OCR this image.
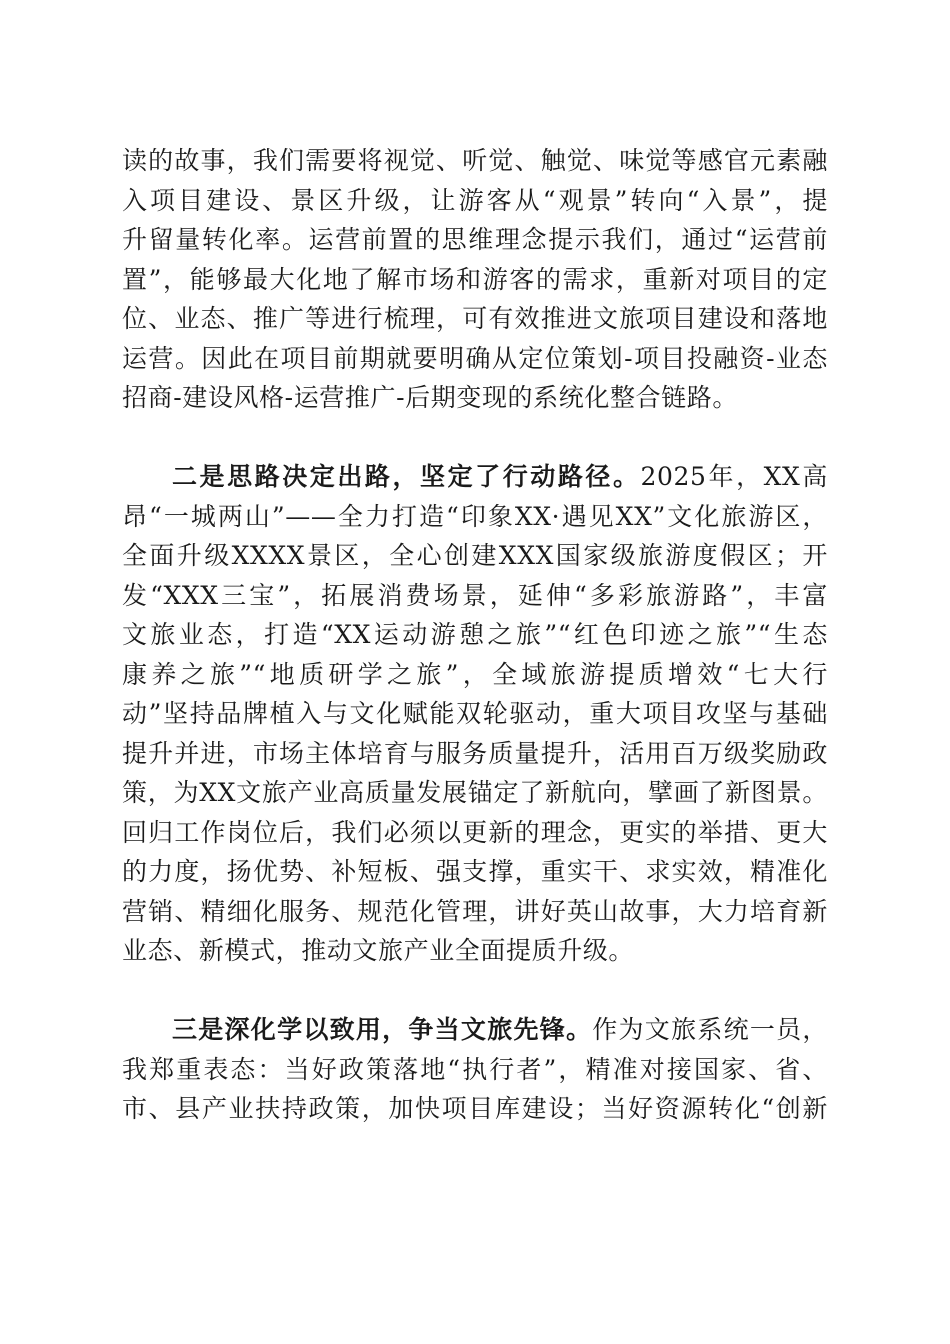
读的故事，我们需要将视觉、听觉、触觉、味觉等感官元素融
入项目建设、景区升级，让游客从“观景”转向“入景”，提
升留量转化率。运营前置的思维理念提示我们，通过“运营前
置”，能够最大化地了解市场和游客的需求，重新对项目的定
位、业态、推广等进行梳理，可有效推进文旅项目建设和落地
运营。因此在项目前期就要明确从定位策划-项目投融资-业态
招商-建设风格-运营推广-后期变现的系统化整合链路。
二是思路决定出路，坚定了行动路径。2025年，XX高
昂“一城两山”——全力打造“印象XX·遇见XX”文化旅游区，
全面升级XXXX景区，全心创建XXX国家级旅游度假区；开
发“XXX三宝”，拓展消费场景，延伸“多彩旅游路”，丰富
文旅业态，打造“XX运动游憩之旅”“红色印迹之旅”“生态
康养之旅”“地质研学之旅”，全域旅游提质增效“七大行
动”坚持品牌植入与文化赋能双轮驱动，重大项目攻坚与基础
提升并进，市场主体培育与服务质量提升，活用百万级奖励政
策，为XX文旅产业高质量发展锚定了新航向，擘画了新图景。
回归工作岗位后，我们必须以更新的理念，更实的举措、更大
的力度，扬优势、补短板、强支撑，重实干、求实效，精准化
营销、精细化服务、规范化管理，讲好英山故事，大力培育新
业态、新模式，推动文旅产业全面提质升级。
三是深化学以致用，争当文旅先锋。作为文旅系统一员，
我郑重表态：当好政策落地“执行者”，精准对接国家、省、
市、县产业扶持政策，加快项目库建设；当好资源转化“创新
